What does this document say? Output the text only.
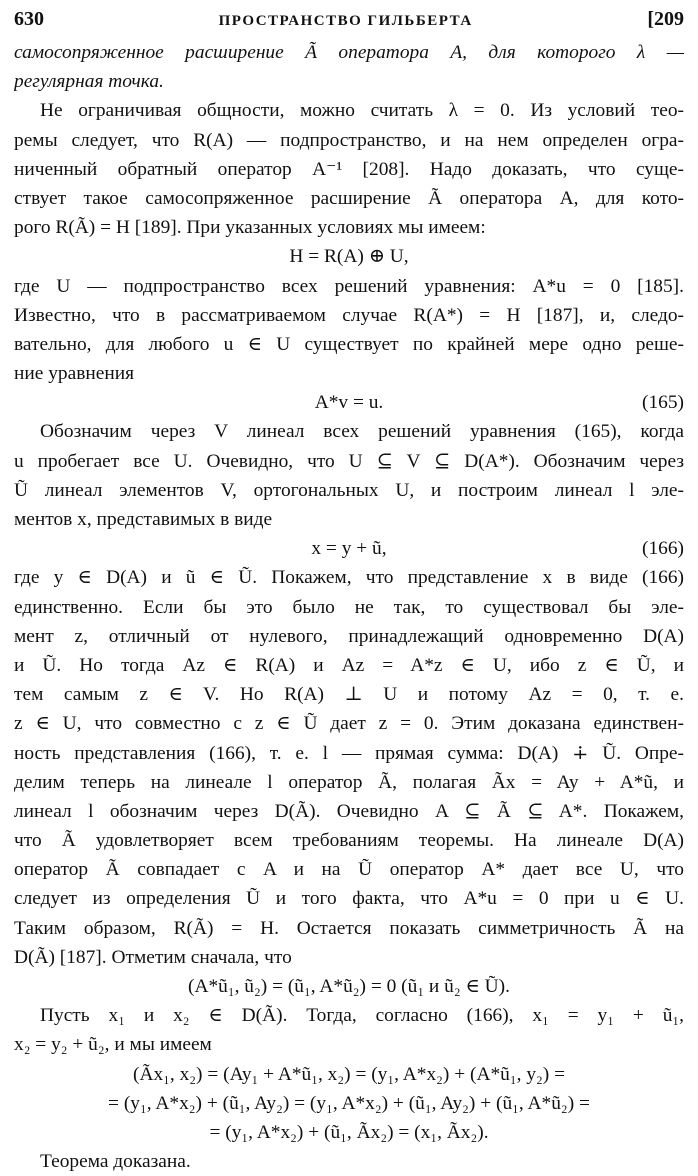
630	ПРОСТРАНСТВО ГИЛЬБЕРТА	[209
самосопряженное расширение Ã оператора A, для которого λ —
регулярная точка.
Не ограничивая общности, можно считать λ = 0. Из условий тео-
ремы следует, что R(A) — подпространство, и на нем определен огра-
ниченный обратный оператор A⁻¹ [208]. Надо доказать, что суще-
ствует такое самосопряженное расширение Ã оператора A, для кото-
рого R(Ã) = H [189]. При указанных условиях мы имеем:
H = R(A) ⊕ U,
где U — подпространство всех решений уравнения: A*u = 0 [185].
Известно, что в рассматриваемом случае R(A*) = H [187], и, следо-
вательно, для любого u ∈ U существует по крайней мере одно реше-
ние уравнения
A*v = u.	(165)
Обозначим через V линеал всех решений уравнения (165), когда
u пробегает все U. Очевидно, что U ⊆ V ⊆ D(A*). Обозначим через
Ũ линеал элементов V, ортогональных U, и построим линеал l эле-
ментов x, представимых в виде
x = y + ũ,	(166)
где y ∈ D(A) и ũ ∈ Ũ. Покажем, что представление x в виде (166)
единственно. Если бы это было не так, то существовал бы эле-
мент z, отличный от нулевого, принадлежащий одновременно D(A)
и Ũ. Но тогда Az ∈ R(A) и Az = A*z ∈ U, ибо z ∈ Ũ, и
тем самым z ∈ V. Но R(A) ⊥ U и потому Az = 0, т. е.
z ∈ U, что совместно с z ∈ Ũ дает z = 0. Этим доказана единствен-
ность представления (166), т. е. l — прямая сумма: D(A) ∔ Ũ. Опре-
делим теперь на линеале l оператор Ã, полагая Ãx = Ay + A*ũ, и
линеал l обозначим через D(Ã). Очевидно A ⊆ Ã ⊆ A*. Покажем,
что Ã удовлетворяет всем требованиям теоремы. На линеале D(A)
оператор Ã совпадает с A и на Ũ оператор A* дает все U, что
следует из определения Ũ и того факта, что A*u = 0 при u ∈ U.
Таким образом, R(Ã) = H. Остается показать симметричность Ã на
D(Ã) [187]. Отметим сначала, что
(A*ũ₁, ũ₂) = (ũ₁, A*ũ₂) = 0 (ũ₁ и ũ₂ ∈ Ũ).
Пусть x₁ и x₂ ∈ D(Ã). Тогда, согласно (166), x₁ = y₁ + ũ₁,
x₂ = y₂ + ũ₂, и мы имеем
(Ãx₁, x₂) = (Ay₁ + A*ũ₁, x₂) = (y₁, A*x₂) + (A*ũ₁, y₂) =
= (y₁, A*x₂) + (ũ₁, Ay₂) = (y₁, A*x₂) + (ũ₁, Ay₂) + (ũ₁, A*ũ₂) =
= (y₁, A*x₂) + (ũ₁, Ãx₂) = (x₁, Ãx₂).
Теорема доказана.
